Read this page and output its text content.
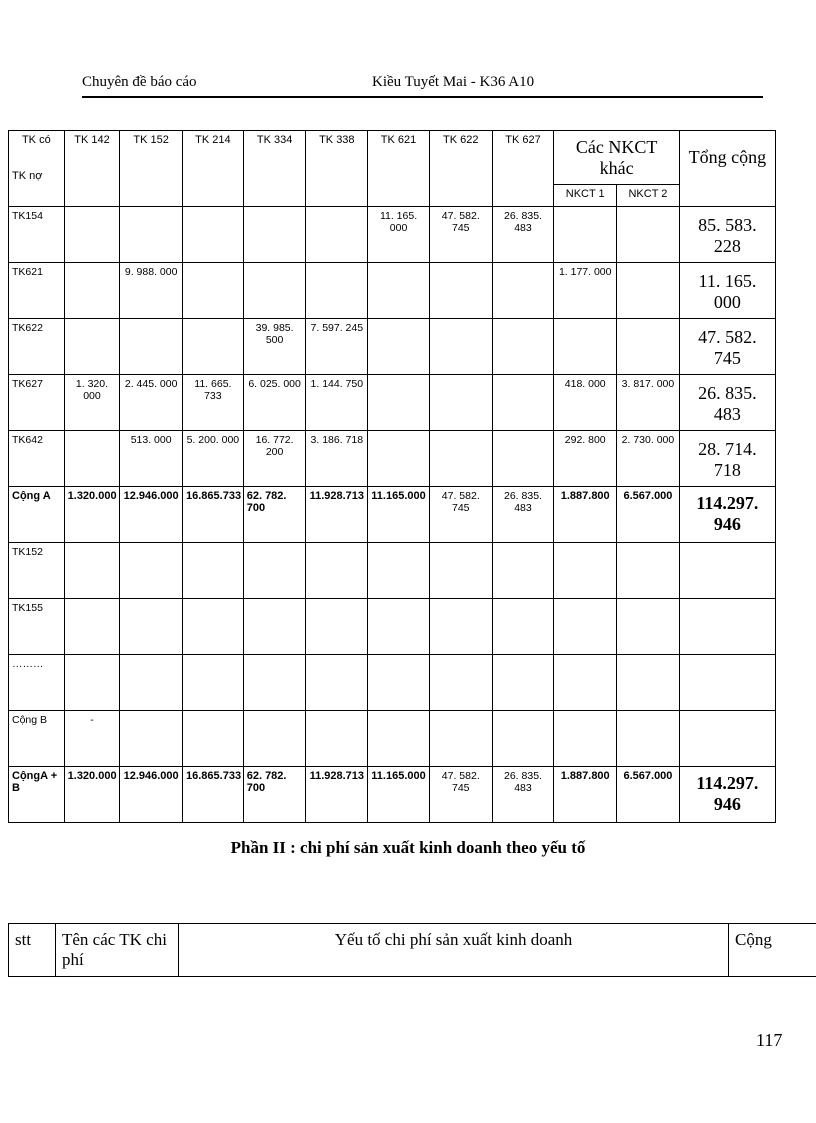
Chuyên đề báo cáo	Kiều Tuyết Mai - K36 A10
TK có
TK nợ	TK 142	TK 152	TK 214	TK 334	TK 338	TK 621	TK 622	TK 627	Các NKCT khác		Tổng cộng
									NKCT 1	NKCT 2	
TK154						11. 165. 000	47. 582. 745	26. 835. 483			85. 583. 228
TK621		9. 988. 000							1. 177. 000		11. 165. 000
TK622				39. 985. 500	7. 597. 245						47. 582. 745
TK627	1. 320. 000	2. 445. 000	11. 665. 733	6. 025. 000	1. 144. 750				418. 000	3. 817. 000	26. 835. 483
TK642		513. 000	5. 200. 000	16. 772. 200	3. 186. 718				292. 800	2. 730. 000	28. 714. 718
Cộng A	1.320.000	12.946.000	16.865.733	62. 782. 700	11.928.713	11.165.000	47. 582. 745	26. 835. 483	1.887.800	6.567.000	114.297. 946
TK152											
TK155											
………											
Cộng B	-										
CộngA + B	1.320.000	12.946.000	16.865.733	62. 782. 700	11.928.713	11.165.000	47. 582. 745	26. 835. 483	1.887.800	6.567.000	114.297. 946
Phần II : chi phí sản xuất kinh doanh theo yếu tố
stt	Tên các TK chi phí	Yếu tố chi phí sản xuất kinh doanh	Cộng
117
